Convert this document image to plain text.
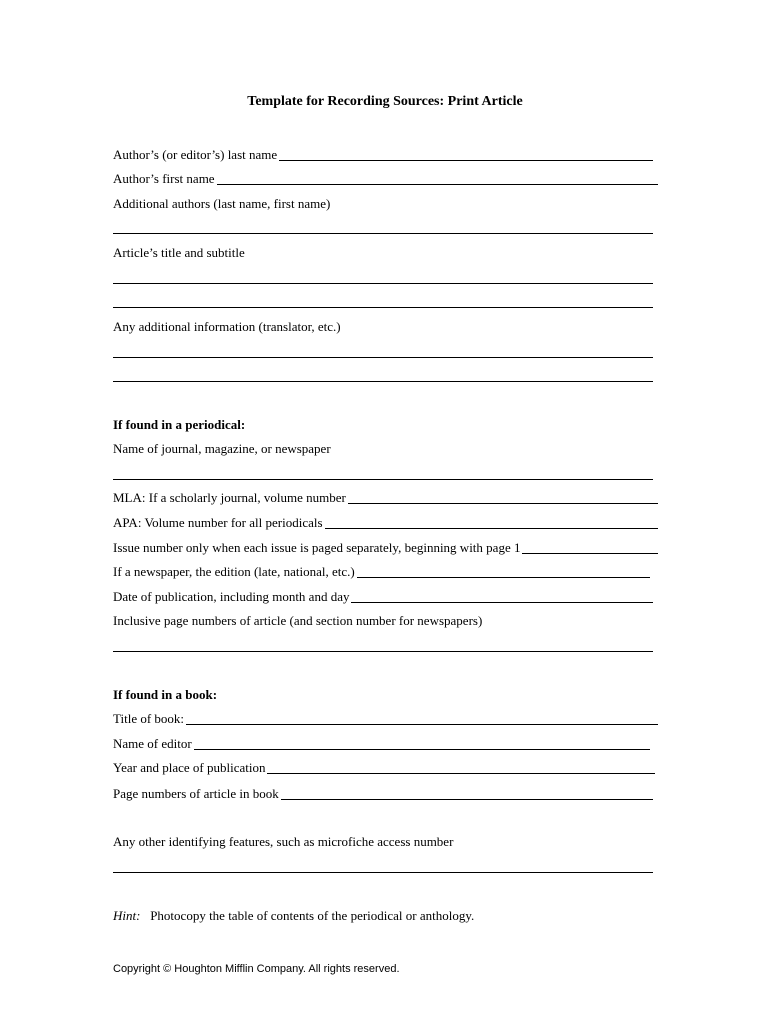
Template for Recording Sources: Print Article
Author’s (or editor’s) last name
Author’s first name
Additional authors (last name, first name)
Article’s title and subtitle
Any additional information (translator, etc.)
If found in a periodical:
Name of journal, magazine, or newspaper
MLA: If a scholarly journal, volume number
APA: Volume number for all periodicals
Issue number only when each issue is paged separately, beginning with page 1
If a newspaper, the edition (late, national, etc.)
Date of publication, including month and day
Inclusive page numbers of article (and section number for newspapers)
If found in a book:
Title of book:
Name of editor
Year and place of publication
Page numbers of article in book
Any other identifying features, such as microfiche access number
Hint: Photocopy the table of contents of the periodical or anthology.
Copyright © Houghton Mifflin Company. All rights reserved.
